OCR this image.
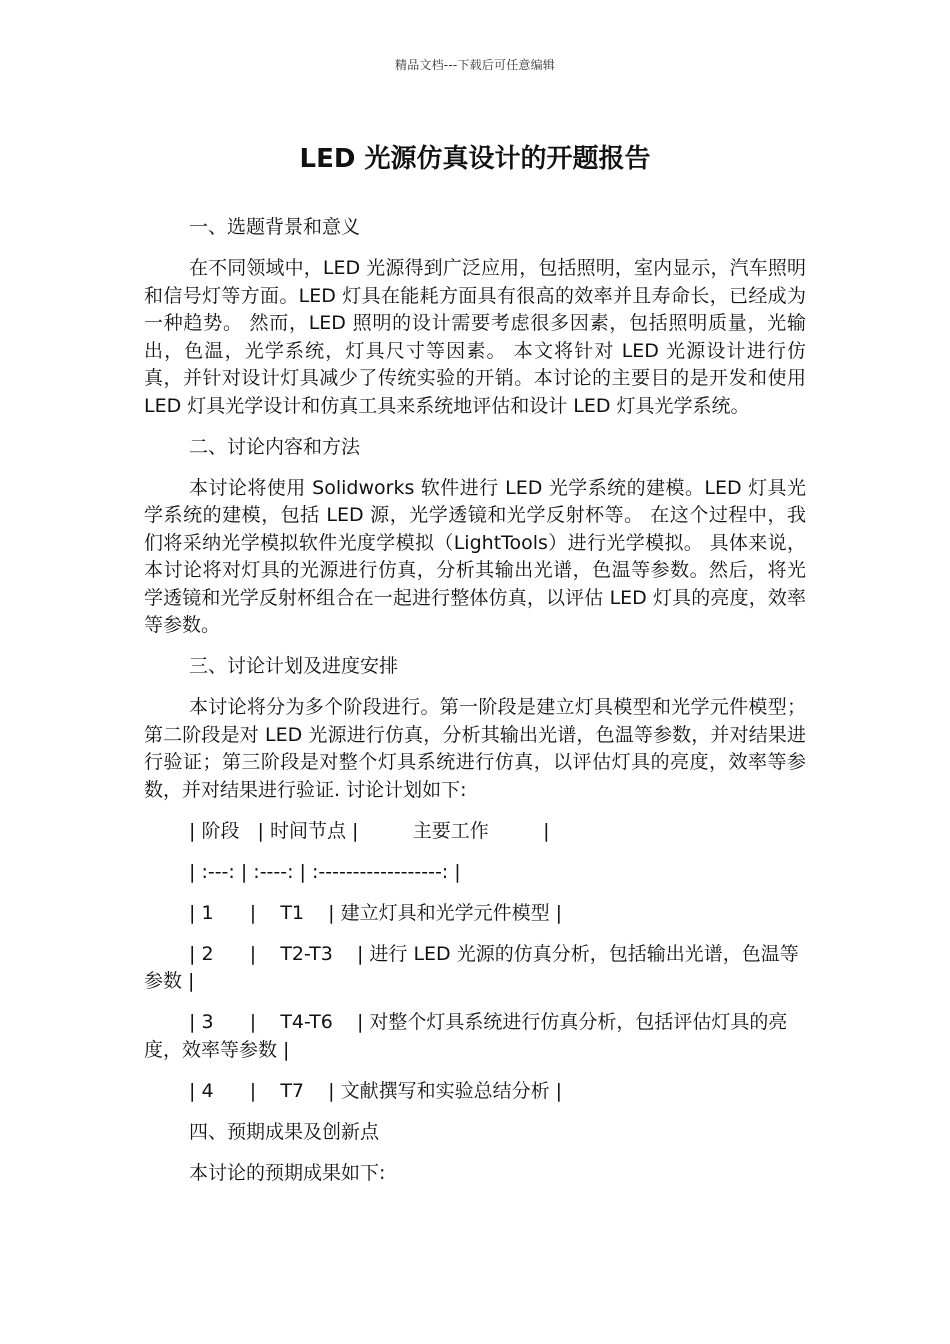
精品文档---下载后可任意编辑
LED 光源仿真设计的开题报告
一、选题背景和意义
在不同领域中，LED 光源得到广泛应用，包括照明，室内显示，汽车照明和信号灯等方面。LED 灯具在能耗方面具有很高的效率并且寿命长，已经成为一种趋势。 然而，LED 照明的设计需要考虑很多因素，包括照明质量，光输出，色温，光学系统，灯具尺寸等因素。 本文将针对 LED 光源设计进行仿真，并针对设计灯具减少了传统实验的开销。本讨论的主要目的是开发和使用 LED 灯具光学设计和仿真工具来系统地评估和设计 LED 灯具光学系统。
二、讨论内容和方法
本讨论将使用 Solidworks 软件进行 LED 光学系统的建模。LED 灯具光学系统的建模，包括 LED 源，光学透镜和光学反射杯等。 在这个过程中，我们将采纳光学模拟软件光度学模拟（LightTools）进行光学模拟。 具体来说，本讨论将对灯具的光源进行仿真，分析其输出光谱，色温等参数。然后，将光学透镜和光学反射杯组合在一起进行整体仿真，以评估 LED 灯具的亮度，效率等参数。
三、讨论计划及进度安排
本讨论将分为多个阶段进行。第一阶段是建立灯具模型和光学元件模型； 第二阶段是对 LED 光源进行仿真，分析其输出光谱，色温等参数，并对结果进行验证；第三阶段是对整个灯具系统进行仿真，以评估灯具的亮度，效率等参数，并对结果进行验证. 讨论计划如下:
| 阶段   | 时间节点 |         主要工作         |
| :---: | :----: | :------------------: |
| 1      |    T1    | 建立灯具和光学元件模型 |
| 2      |    T2-T3    | 进行 LED 光源的仿真分析，包括输出光谱，色温等参数 |
| 3      |    T4-T6    | 对整个灯具系统进行仿真分析，包括评估灯具的亮度，效率等参数 |
| 4      |    T7    | 文献撰写和实验总结分析 |
四、预期成果及创新点
本讨论的预期成果如下:
